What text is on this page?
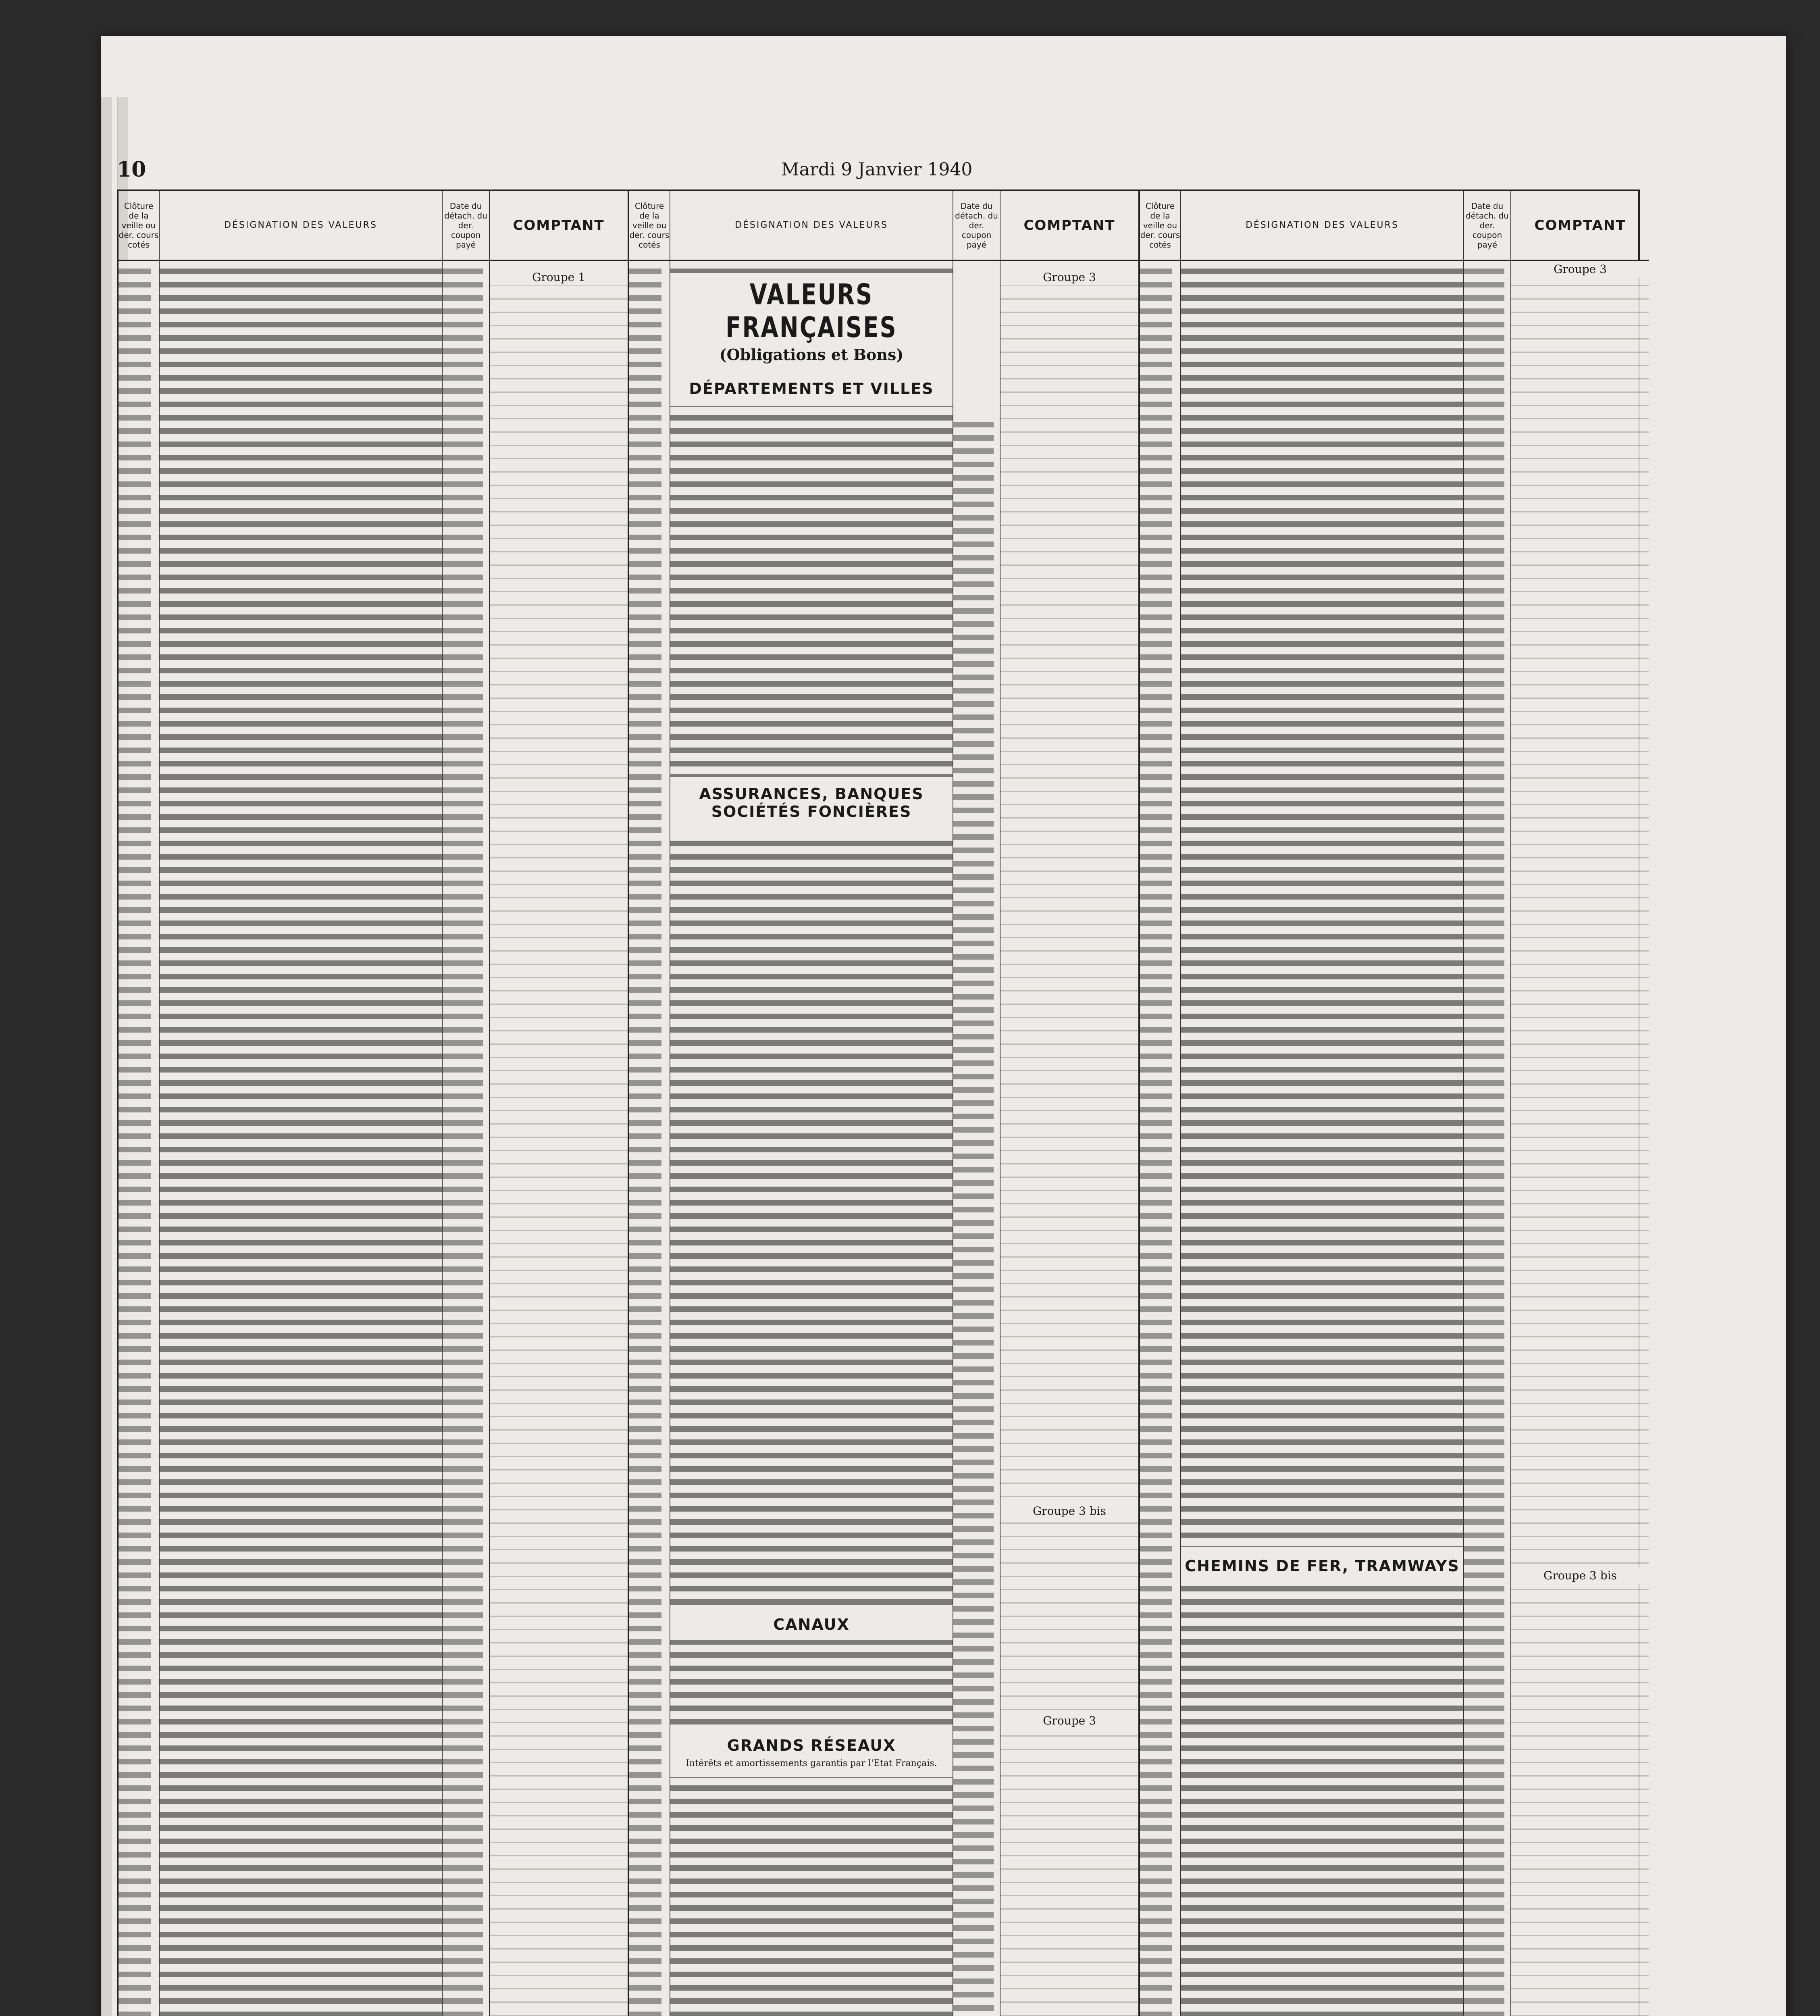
10	Mardi 9 Janvier 1940
Clôture de la veille ou der. cours cotés
DÉSIGNATION DES VALEURS
Date du détach. du der. coupon payé
COMPTANT
Groupe 1
Clôture de la veille ou der. cours cotés
DÉSIGNATION DES VALEURS
VALEURS FRANÇAISES
(Obligations et Bons)
DÉPARTEMENTS ET VILLES
ASSURANCES, BANQUES SOCIÉTÉS FONCIÈRES
CANAUX
GRANDS RÉSEAUX
Intérêts et amortissements garantis par l'Etat Français.
Date du détach. du der. coupon payé
COMPTANT
Groupe 3
Groupe 3 bis
Groupe 3
Clôture de la veille ou der. cours cotés
DÉSIGNATION DES VALEURS
CHEMINS DE FER, TRAMWAYS
Date du détach. du der. coupon payé
COMPTANT
Groupe 3
Groupe 3 bis
